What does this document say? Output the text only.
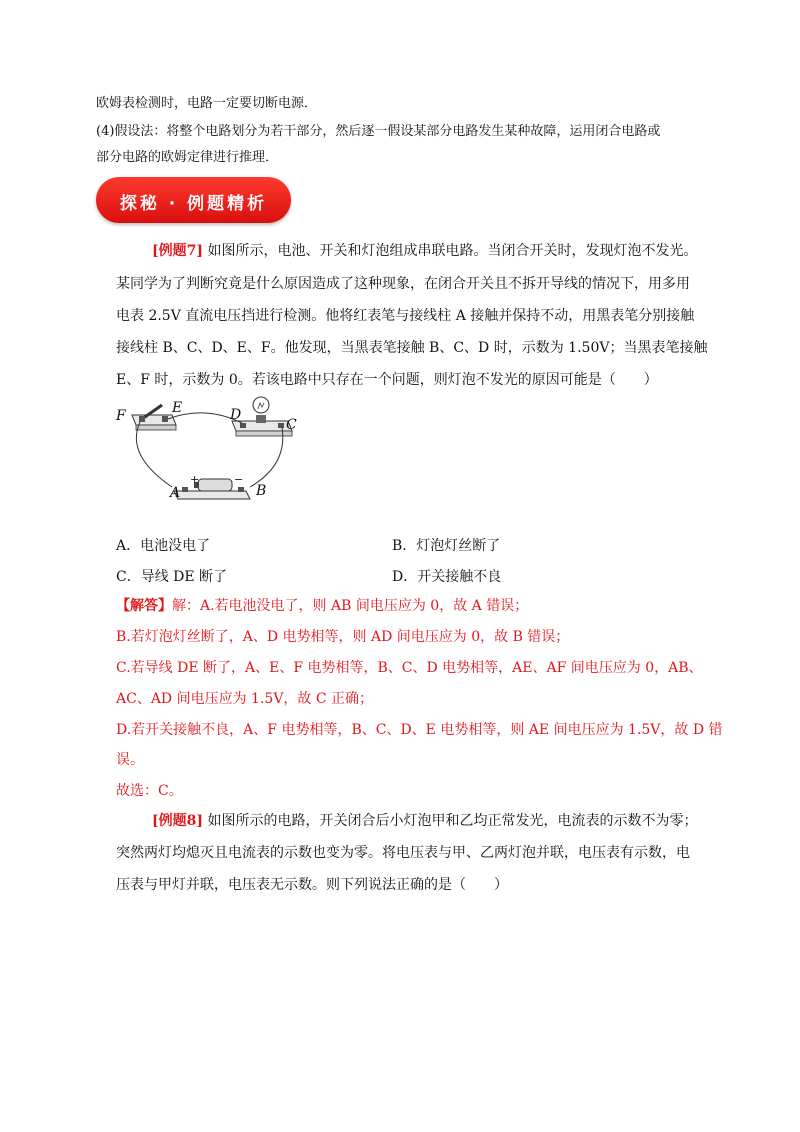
欧姆表检测时，电路一定要切断电源．
(4)假设法：将整个电路划分为若干部分，然后逐一假设某部分电路发生某种故障，运用闭合电路或
部分电路的欧姆定律进行推理．
探秘 · 例题精析
[例题7] 如图所示，电池、开关和灯泡组成串联电路。当闭合开关时，发现灯泡不发光。
某同学为了判断究竟是什么原因造成了这种现象，在闭合开关且不拆开导线的情况下，用多用
电表 2.5V 直流电压挡进行检测。他将红表笔与接线柱 A 接触并保持不动，用黑表笔分别接触
接线柱 B、C、D、E、F。他发现，当黑表笔接触 B、C、D 时，示数为 1.50V；当黑表笔接触
E、F 时，示数为 0。若该电路中只存在一个问题，则灯泡不发光的原因可能是（　　）
F	E	D
C
A	B
+	−
A．电池没电了	B．灯泡灯丝断了
C．导线 DE 断了	D．开关接触不良
【解答】解：A.若电池没电了，则 AB 间电压应为 0，故 A 错误；
B.若灯泡灯丝断了，A、D 电势相等，则 AD 间电压应为 0，故 B 错误；
C.若导线 DE 断了，A、E、F 电势相等，B、C、D 电势相等，AE、AF 间电压应为 0，AB、
AC、AD 间电压应为 1.5V，故 C 正确；
D.若开关接触不良，A、F 电势相等，B、C、D、E 电势相等，则 AE 间电压应为 1.5V，故 D 错
误。
故选：C。
[例题8] 如图所示的电路，开关闭合后小灯泡甲和乙均正常发光，电流表的示数不为零；
突然两灯均熄灭且电流表的示数也变为零。将电压表与甲、乙两灯泡并联，电压表有示数，电
压表与甲灯并联，电压表无示数。则下列说法正确的是（　　）
